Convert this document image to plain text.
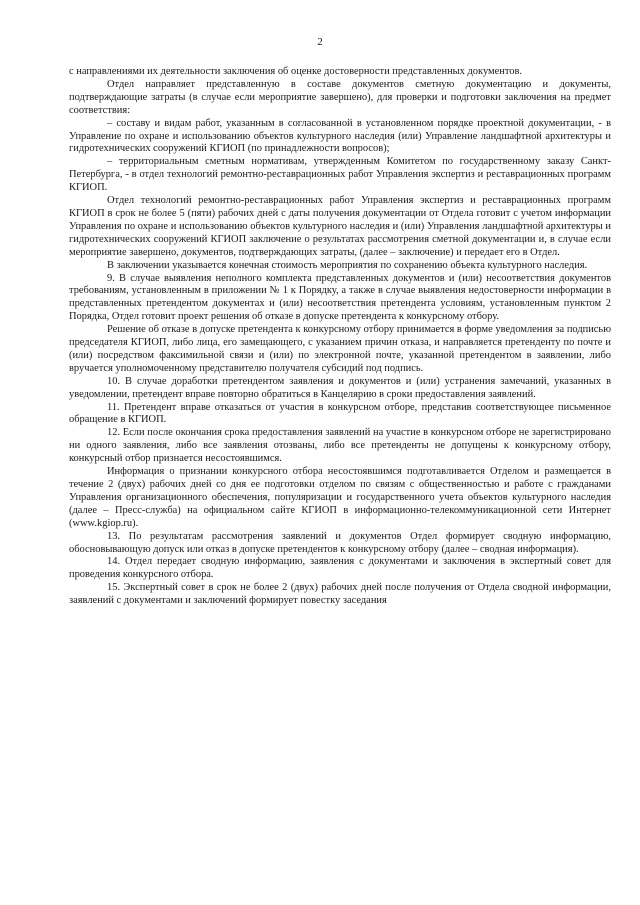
2

с направлениями их деятельности заключения об оценке достоверности представленных документов.

Отдел направляет представленную в составе документов сметную документацию и документы, подтверждающие затраты (в случае если мероприятие завершено), для проверки и подготовки заключения на предмет соответствия:

– составу и видам работ, указанным в согласованной в установленном порядке проектной документации, - в Управление по охране и использованию объектов культурного наследия (или) Управление ландшафтной архитектуры и гидротехнических сооружений КГИОП (по принадлежности вопросов);

– территориальным сметным нормативам, утвержденным Комитетом по государственному заказу Санкт-Петербурга, - в отдел технологий ремонтно-реставрационных работ Управления экспертиз и реставрационных программ КГИОП.

Отдел технологий ремонтно-реставрационных работ Управления экспертиз и реставрационных программ КГИОП в срок не более 5 (пяти) рабочих дней с даты получения документации от Отдела готовит с учетом информации Управления по охране и использованию объектов культурного наследия и (или) Управления ландшафтной архитектуры и гидротехнических сооружений КГИОП заключение о результатах рассмотрения сметной документации и, в случае если мероприятие завершено, документов, подтверждающих затраты, (далее – заключение) и передает его в Отдел.

В заключении указывается конечная стоимость мероприятия по сохранению объекта культурного наследия.

9. В случае выявления неполного комплекта представленных документов и (или) несоответствия документов требованиям, установленным в приложении № 1 к Порядку, а также в случае выявления недостоверности информации в представленных претендентом документах и (или) несоответствия претендента условиям, установленным пунктом 2 Порядка, Отдел готовит проект решения об отказе в допуске претендента к конкурсному отбору.

Решение об отказе в допуске претендента к конкурсному отбору принимается в форме уведомления за подписью председателя КГИОП, либо лица, его замещающего, с указанием причин отказа, и направляется претенденту по почте и (или) посредством факсимильной связи и (или) по электронной почте, указанной претендентом в заявлении, либо вручается уполномоченному представителю получателя субсидий под подпись.

10. В случае доработки претендентом заявления и документов и (или) устранения замечаний, указанных в уведомлении, претендент вправе повторно обратиться в Канцелярию в сроки предоставления заявлений.

11. Претендент вправе отказаться от участия в конкурсном отборе, представив соответствующее письменное обращение в КГИОП.

12. Если после окончания срока предоставления заявлений на участие в конкурсном отборе не зарегистрировано ни одного заявления, либо все заявления отозваны, либо все претенденты не допущены к конкурсному отбору, конкурсный отбор признается несостоявшимся.

Информация о признании конкурсного отбора несостоявшимся подготавливается Отделом и размещается в течение 2 (двух) рабочих дней со дня ее подготовки отделом по связям с общественностью и работе с гражданами Управления организационного обеспечения, популяризации и государственного учета объектов культурного наследия (далее – Пресс-служба) на официальном сайте КГИОП в информационно-телекоммуникационной сети Интернет (www.kgiop.ru).

13. По результатам рассмотрения заявлений и документов Отдел формирует сводную информацию, обосновывающую допуск или отказ в допуске претендентов к конкурсному отбору (далее – сводная информация).

14. Отдел передает сводную информацию, заявления с документами и заключения в экспертный совет для проведения конкурсного отбора.

15. Экспертный совет в срок не более 2 (двух) рабочих дней после получения от Отдела сводной информации, заявлений с документами и заключений формирует повестку заседания
